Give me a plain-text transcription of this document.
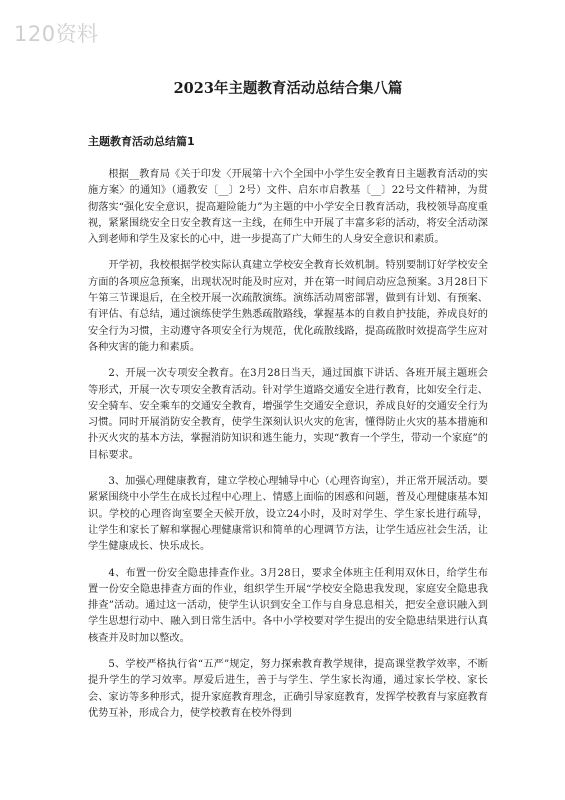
120资料
2023年主题教育活动总结合集八篇
主题教育活动总结篇1

根据__教育局《关于印发〈开展第十六个全国中小学生安全教育日主题教育活动的实施方案〉的通知》（通教安〔__〕2号）文件、启东市启教基〔__〕22号文件精神，为贯彻落实“强化安全意识，提高避险能力”为主题的中小学安全日教育活动，我校领导高度重视，紧紧围绕安全日安全教育这一主线，在师生中开展了丰富多彩的活动，将安全活动深入到老师和学生及家长的心中，进一步提高了广大师生的人身安全意识和素质。

开学初，我校根据学校实际认真建立学校安全教育长效机制。特别要制订好学校安全方面的各项应急预案，出现状况时能及时应对，并在第一时间启动应急预案。3月28日下午第三节课退后，在全校开展一次疏散演练。演练活动周密部署，做到有计划、有预案、有评估、有总结，通过演练使学生熟悉疏散路线，掌握基本的自救自护技能，养成良好的安全行为习惯，主动遵守各项安全行为规范，优化疏散线路，提高疏散时效提高学生应对各种灾害的能力和素质。

2、开展一次专项安全教育。在3月28日当天，通过国旗下讲话、各班开展主题班会等形式，开展一次专项安全教育活动。针对学生道路交通安全进行教育，比如安全行走、安全骑车、安全乘车的交通安全教育，增强学生交通安全意识，养成良好的交通安全行为习惯。同时开展消防安全教育，使学生深刻认识火灾的危害，懂得防止火灾的基本措施和扑灭火灾的基本方法，掌握消防知识和逃生能力，实现“教育一个学生，带动一个家庭”的目标要求。

3、加强心理健康教育，建立学校心理辅导中心（心理咨询室），并正常开展活动。要紧紧围绕中小学生在成长过程中心理上、情感上面临的困惑和问题，普及心理健康基本知识。学校的心理咨询室要全天候开放，设立24小时，及时对学生、学生家长进行疏导，让学生和家长了解和掌握心理健康常识和简单的心理调节方法，让学生适应社会生活，让学生健康成长、快乐成长。

4、布置一份安全隐患排查作业。3月28日，要求全体班主任利用双休日，给学生布置一份安全隐患排查方面的作业，组织学生开展“学校安全隐患我发现，家庭安全隐患我排查”活动。通过这一活动，使学生认识到安全工作与自身息息相关，把安全意识融入到学生思想行动中、融入到日常生活中。各中小学校要对学生提出的安全隐患结果进行认真核查并及时加以整改。

5、学校严格执行省“五严”规定，努力探索教育教学规律，提高课堂教学效率，不断提升学生的学习效率。厚爱后进生，善于与学生、学生家长沟通，通过家长学校、家长会、家访等多种形式，提升家庭教育理念，正确引导家庭教育，发挥学校教育与家庭教育优势互补，形成合力，使学校教育在校外得到
